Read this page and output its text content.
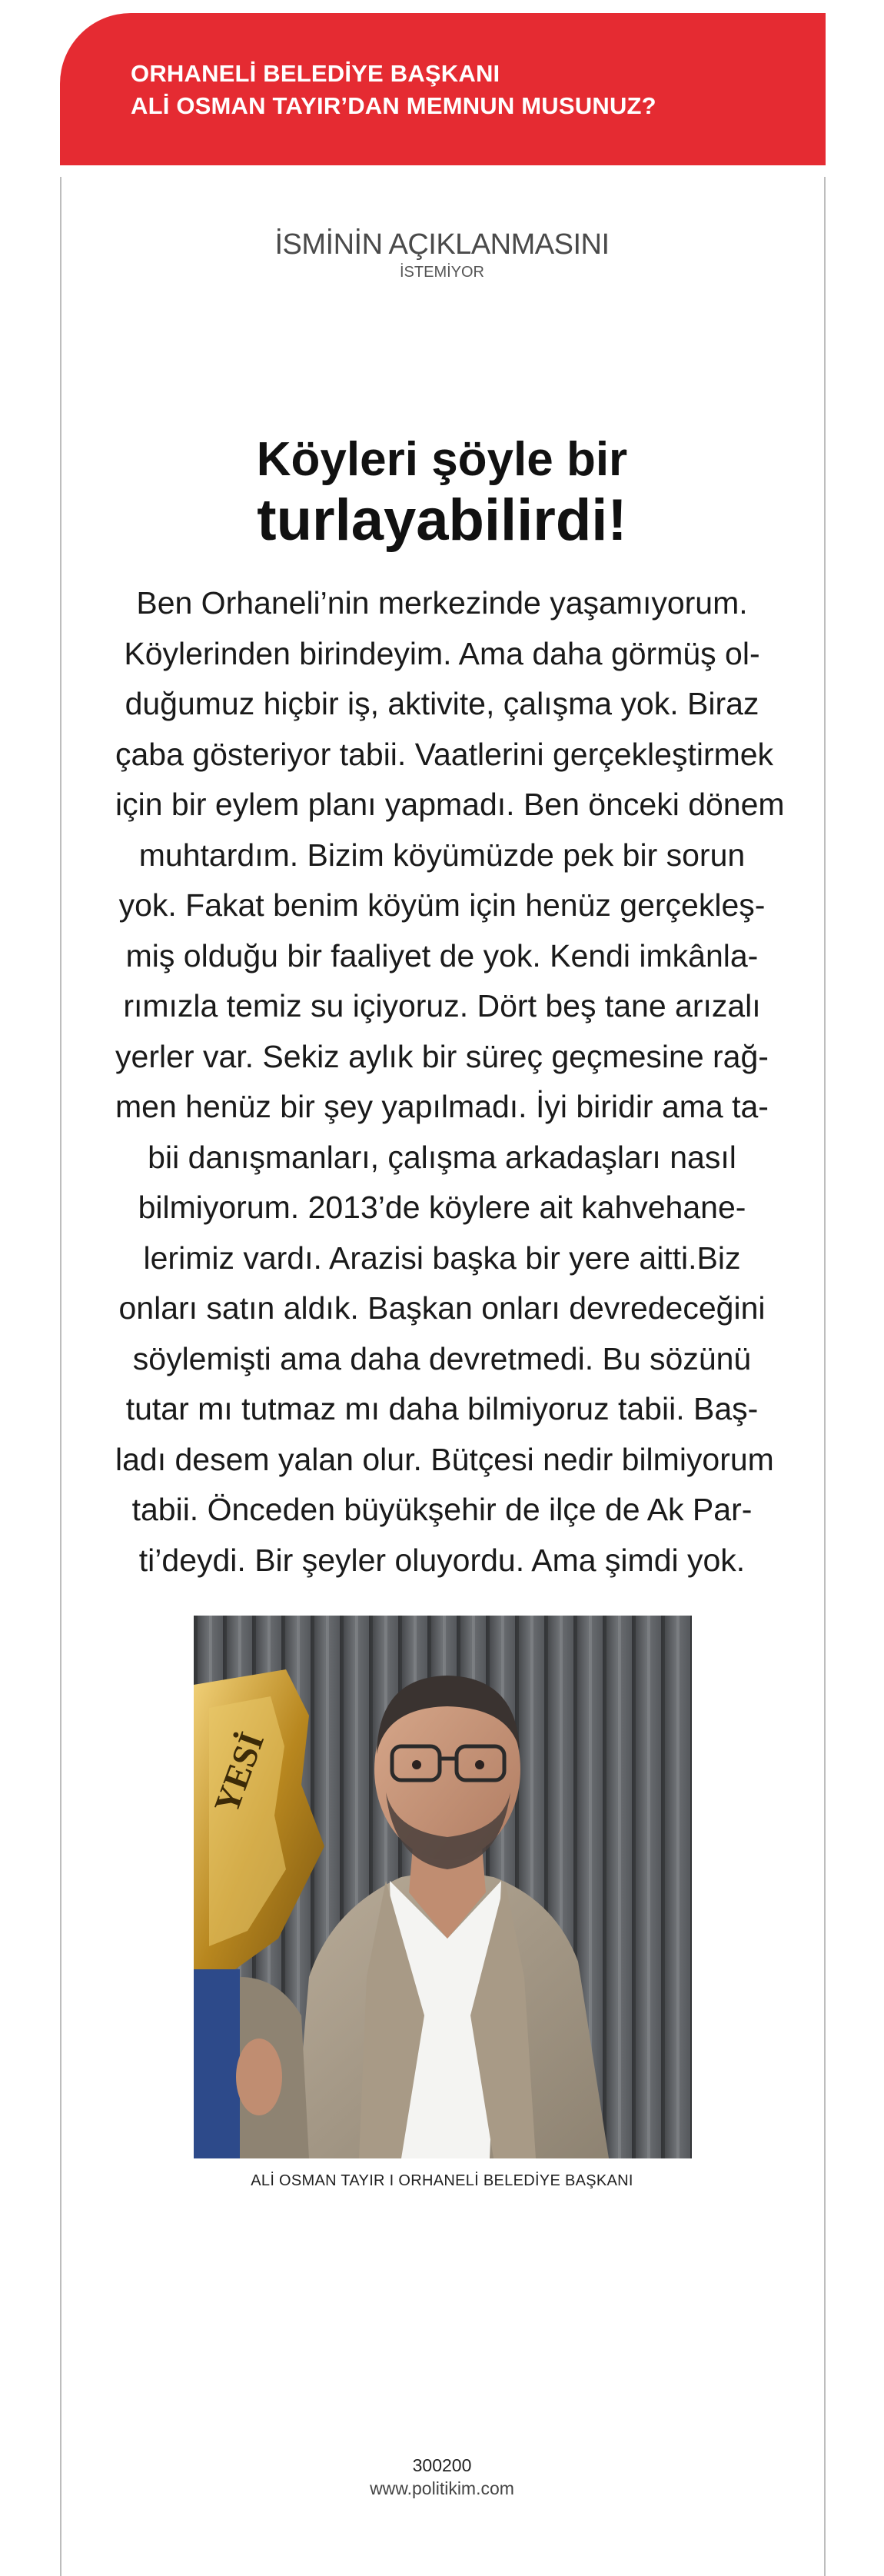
ORHANELİ BELEDİYE BAŞKANI
ALİ OSMAN TAYIR’DAN MEMNUN MUSUNUZ?
İSMİNİN AÇIKLANMASINI
İSTEMİYOR
Köyleri şöyle bir
turlayabilirdi!
Ben Orhaneli’nin merkezinde yaşamıyorum.
Köylerinden birindeyim. Ama daha görmüş ol-
duğumuz hiçbir iş, aktivite, çalışma yok. Biraz
çaba gösteriyor tabii. Vaatlerini gerçekleştirmek
için bir eylem planı yapmadı. Ben önceki dönem
muhtardım. Bizim köyümüzde pek bir sorun
yok. Fakat benim köyüm için henüz gerçekleş-
miş olduğu bir faaliyet de yok. Kendi imkânla-
rımızla temiz su içiyoruz. Dört beş tane arızalı
yerler var. Sekiz aylık bir süreç geçmesine rağ-
men henüz bir şey yapılmadı. İyi biridir ama ta-
bii danışmanları, çalışma arkadaşları nasıl
bilmiyorum. 2013’de köylere ait kahvehane-
lerimiz vardı. Arazisi başka bir yere aitti.Biz
onları satın aldık. Başkan onları devredeceğini
söylemişti ama daha devretmedi. Bu sözünü
tutar mı tutmaz mı daha bilmiyoruz tabii. Baş-
ladı desem yalan olur. Bütçesi nedir bilmiyorum
tabii. Önceden büyükşehir de ilçe de Ak Par-
ti’deydi. Bir şeyler oluyordu. Ama şimdi yok.
YESİ
ALİ OSMAN TAYIR I ORHANELİ BELEDİYE BAŞKANI
300200
www.politikim.com
